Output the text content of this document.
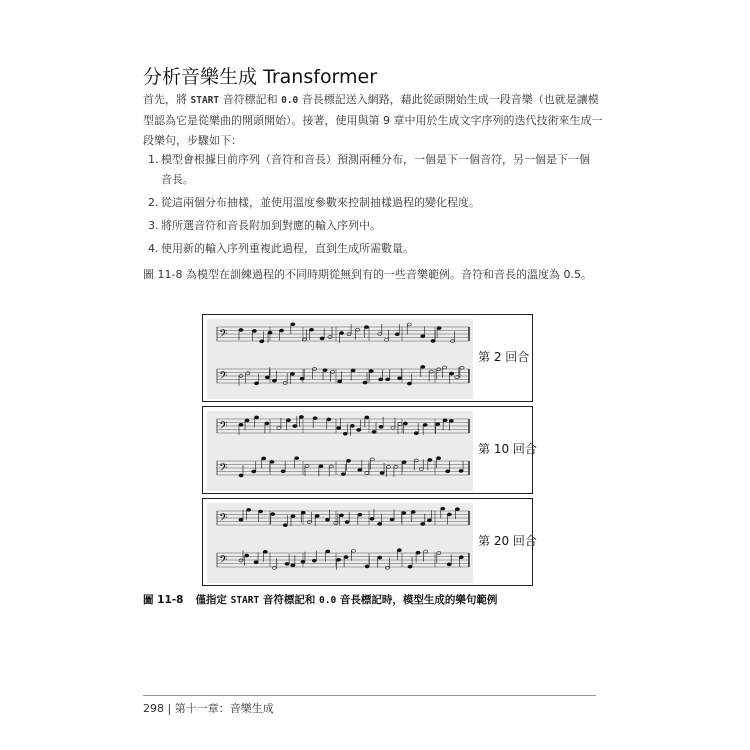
分析音樂生成 Transformer
首先，將 START 音符標記和 0.0 音長標記送入網路，藉此從頭開始生成一段音樂（也就是讓模型認為它是從樂曲的開頭開始）。接著，使用與第 9 章中用於生成文字序列的迭代技術來生成一段樂句，步驟如下：
1. 模型會根據目前序列（音符和音長）預測兩種分布，一個是下一個音符，另一個是下一個音長。
2. 從這兩個分布抽樣，並使用溫度參數來控制抽樣過程的變化程度。
3. 將所選音符和音長附加到對應的輸入序列中。
4. 使用新的輸入序列重複此過程，直到生成所需數量。
圖 11-8 為模型在訓練過程的不同時期從無到有的一些音樂範例。音符和音長的溫度為 0.5。
𝄢
𝄢
第 2 回合
𝄢
𝄢
第 10 回合
𝄢
𝄢
第 20 回合
圖 11-8 僅指定 START 音符標記和 0.0 音長標記時，模型生成的樂句範例
298 | 第十一章：音樂生成
